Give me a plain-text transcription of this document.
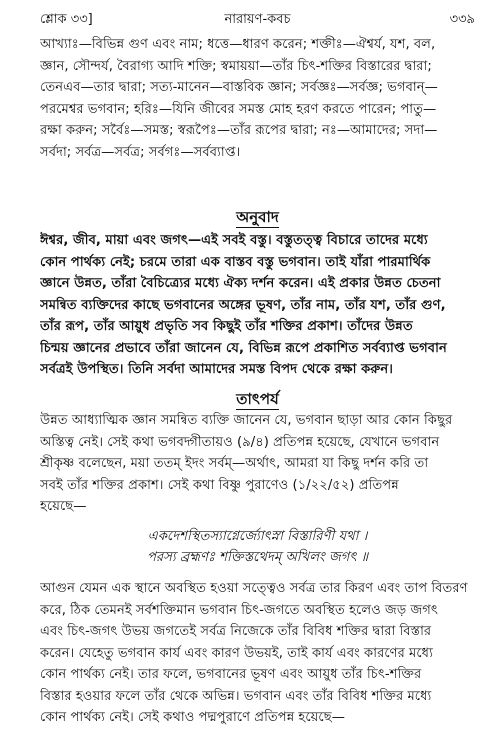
শ্লোক ৩৩]	নারায়ণ-কবচ	৩৩৯
আখ্যাঃ—বিভিন্ন গুণ এবং নাম; ধত্তে—ধারণ করেন; শক্তীঃ—ঐশ্বর্য, যশ, বল,
জ্ঞান, সৌন্দর্য, বৈরাগ্য আদি শক্তি; স্বমায়য়া—তাঁর চিৎ-শক্তির বিস্তারের দ্বারা;
তেনএব—তার দ্বারা; সত্য-মানেন—বাস্তবিক জ্ঞান; সর্বজ্ঞঃ—সর্বজ্ঞ; ভগবান্—
পরমেশ্বর ভগবান; হরিঃ—যিনি জীবের সমস্ত মোহ হরণ করতে পারেন; পাতু—
রক্ষা করুন; সর্বৈঃ—সমস্ত; স্বরূপৈঃ—তাঁর রূপের দ্বারা; নঃ—আমাদের; সদা—
সর্বদা; সর্বত্র—সর্বত্র; সর্বগঃ—সর্বব্যাপ্ত।
অনুবাদ
ঈশ্বর, জীব, মায়া এবং জগৎ—এই সবই বস্তু। বস্তুতত্ত্ব বিচারে তাদের মধ্যে
কোন পার্থক্য নেই; চরমে তারা এক বাস্তব বস্তু ভগবান। তাই যাঁরা পারমার্থিক
জ্ঞানে উন্নত, তাঁরা বৈচিত্র্যের মধ্যে ঐক্য দর্শন করেন। এই প্রকার উন্নত চেতনা
সমন্বিত ব্যক্তিদের কাছে ভগবানের অঙ্গের ভূষণ, তাঁর নাম, তাঁর যশ, তাঁর গুণ,
তাঁর রূপ, তাঁর আয়ুধ প্রভৃতি সব কিছুই তাঁর শক্তির প্রকাশ। তাঁদের উন্নত
চিন্ময় জ্ঞানের প্রভাবে তাঁরা জানেন যে, বিভিন্ন রূপে প্রকাশিত সর্বব্যাপ্ত ভগবান
সর্বত্রই উপস্থিত। তিনি সর্বদা আমাদের সমস্ত বিপদ থেকে রক্ষা করুন।
তাৎপর্য
উন্নত আধ্যাত্মিক জ্ঞান সমন্বিত ব্যক্তি জানেন যে, ভগবান ছাড়া আর কোন কিছুর
অস্তিত্ব নেই। সেই কথা ভগবদ্গীতায়ও (৯/৪) প্রতিপন্ন হয়েছে, যেখানে ভগবান
শ্রীকৃষ্ণ বলেছেন, ময়া ততম্ ইদং সর্বম্—অর্থাৎ, আমরা যা কিছু দর্শন করি তা
সবই তাঁর শক্তির প্রকাশ। সেই কথা বিষ্ণু পুরাণেও (১/২২/৫২) প্রতিপন্ন
হয়েছে—
একদেশস্থিতস্যাগ্নের্জ্যোৎস্না বিস্তারিণী যথা ।
পরস্য ব্রহ্মণঃ শক্তিস্তথেদম্ অখিলং জগৎ ॥
আগুন যেমন এক স্থানে অবস্থিত হওয়া সত্ত্বেও সর্বত্র তার কিরণ এবং তাপ বিতরণ
করে, ঠিক তেমনই সর্বশক্তিমান ভগবান চিৎ-জগতে অবস্থিত হলেও জড় জগৎ
এবং চিৎ-জগৎ উভয় জগতেই সর্বত্র নিজেকে তাঁর বিবিধ শক্তির দ্বারা বিস্তার
করেন। যেহেতু ভগবান কার্য এবং কারণ উভয়ই, তাই কার্য এবং কারণের মধ্যে
কোন পার্থক্য নেই। তার ফলে, ভগবানের ভূষণ এবং আয়ুধ তাঁর চিৎ-শক্তির
বিস্তার হওয়ার ফলে তাঁর থেকে অভিন্ন। ভগবান এবং তাঁর বিবিধ শক্তির মধ্যে
কোন পার্থক্য নেই। সেই কথাও পদ্মপুরাণে প্রতিপন্ন হয়েছে—
